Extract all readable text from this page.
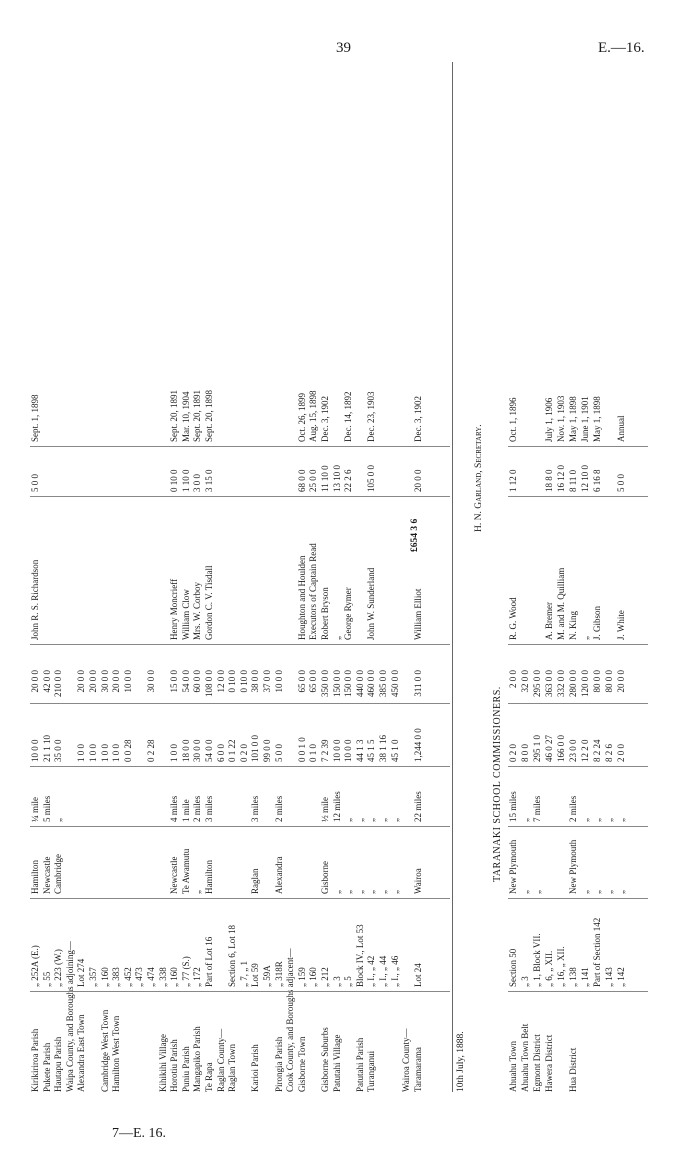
39	E.—16.
Kirikiriroa Parish
„ 252A (E.)
Hamilton
¼ mile
10 0 0
20 0 0
John R. S. Richardson
5 0 0
Sept. 1, 1898
Pukete Parish
„ 55
Newcastle
5 miles
21 1 10
42 0 0
Hautapu Parish
„ 223 (W.)
Cambridge
„
35 0 0
210 0 0
Waipa County, and Boroughs adjoining— Alexandra East Town
Lot 274
1 0 0
20 0 0
„ 357
1 0 0
20 0 0
Cambridge West Town
„ 160
1 0 0
30 0 0
Hamilton West Town
„ 383
1 0 0
20 0 0
„ 452
0 0 28
10 0 0
„ 473 „ 474
0 2 28
30 0 0
Kihikihi Village
„ 338
Horotiu Parish
„ 160
Newcastle
4 miles
1 0 0
15 0 0
Henry Moncrieff
0 10 0
Sept. 20, 1891
Puniu Parish
„ 77 (S.)
Te Awamutu
1 mile
18 0 0
54 0 0
William Clow
1 10 0
Mar. 10, 1904
Mangapiko Parish
„ 172
„
2 miles
30 0 0
60 0 0
Mrs. W. Corboy
3 0 0
Sept. 20, 1891
Te Rapa
Part of Lot 16
Hamilton
3 miles
54 0 0
108 0 0
Gordon C. V. Tisdall
3 15 0
Sept. 20, 1898
Raglan County—
6 0 0
12 0 0
Raglan Town
Section 6, Lot 18
0 1 22
0 10 0
„ 7, „ 1
0 2 0
0 10 0
Karioi Parish
Lot 59
Raglan
3 miles
101 0 0
38 0 0
„ 59A
99 0 0
37 0 0
Pirongia Parish
„ 318R
Alexandra
2 miles
5 0 0
10 0 0
Cook County, and Boroughs adjacent— Gisborne Town
„ 159
0 0 1 0
65 0 0
Houghton and Houlden
68 0 0
Oct. 26, 1899
„ 160
0 1 0
65 0 0
Executors of Captain Read
25 0 0
Aug. 15, 1898
Gisborne Suburbs
„ 212
Gisborne
½ mile
7 2 39
350 0 0
Robert Bryson
11 10 0
Dec. 3, 1902
Patutahi Village
„ 3
„
12 miles
10 0 0
150 0 0
„
13 10 0
„ 5
„
„
10 0 0
150 0 0
George Rymer
22 2 6
Dec. 14, 1892
Patutahi Parish
Block IV., Lot 53
„
„
44 1 3
440 0 0
Turanganui
„ I., „ 42
„
„
45 1 5
460 0 0
John W. Sunderland
105 0 0
Dec. 23, 1903
„ I., „ 44
„
„
38 1 16
385 0 0
„ I., „ 46
„
„
45 1 0
450 0 0
Wairoa County— Taramarama
Lot 24
Wairoa
22 miles
1,244 0 0
311 0 0
William Elliot
20 0 0
Dec. 3, 1902
10th July, 1888.
£654 3 6
H. N. Garland, Secretary.
TARANAKI SCHOOL COMMISSIONERS.
Ahuahu Town
Section 50
New Plymouth
15 miles
0 2 0
2 0 0
R. G. Wood
1 12 0
Oct. 1, 1896
Ahuahu Town Belt
„ 3
„
„
8 0 0
32 0 0
Egmont District
„ 1, Block VII.
„
7 miles
295 1 0
295 0 0
Hawera District
„ 6, „ XII.
46 0 27
363 0 0
A. Bremer
18 8 0
July 1, 1906
„ 16, „ XII.
166 0 0
332 0 0
M. and M. Quilliam
16 12 0
Nov. 1, 1903
Hua District
„ 138
New Plymouth
2 miles
23 0 0
280 0 0
N. King
8 11 0
May 1, 1898
„ 141
„
„
12 2 0
120 0 0
„
12 10 0
June 1, 1901
Part of Section 142
„
„
8 2 24
80 0 0
J. Gibson
6 16 8
May 1, 1898
„ 143
„
„
8 2 6
80 0 0
„ 142
„
„
2 0 0
20 0 0
J. White
5 0 0
Annual
7—E. 16.
